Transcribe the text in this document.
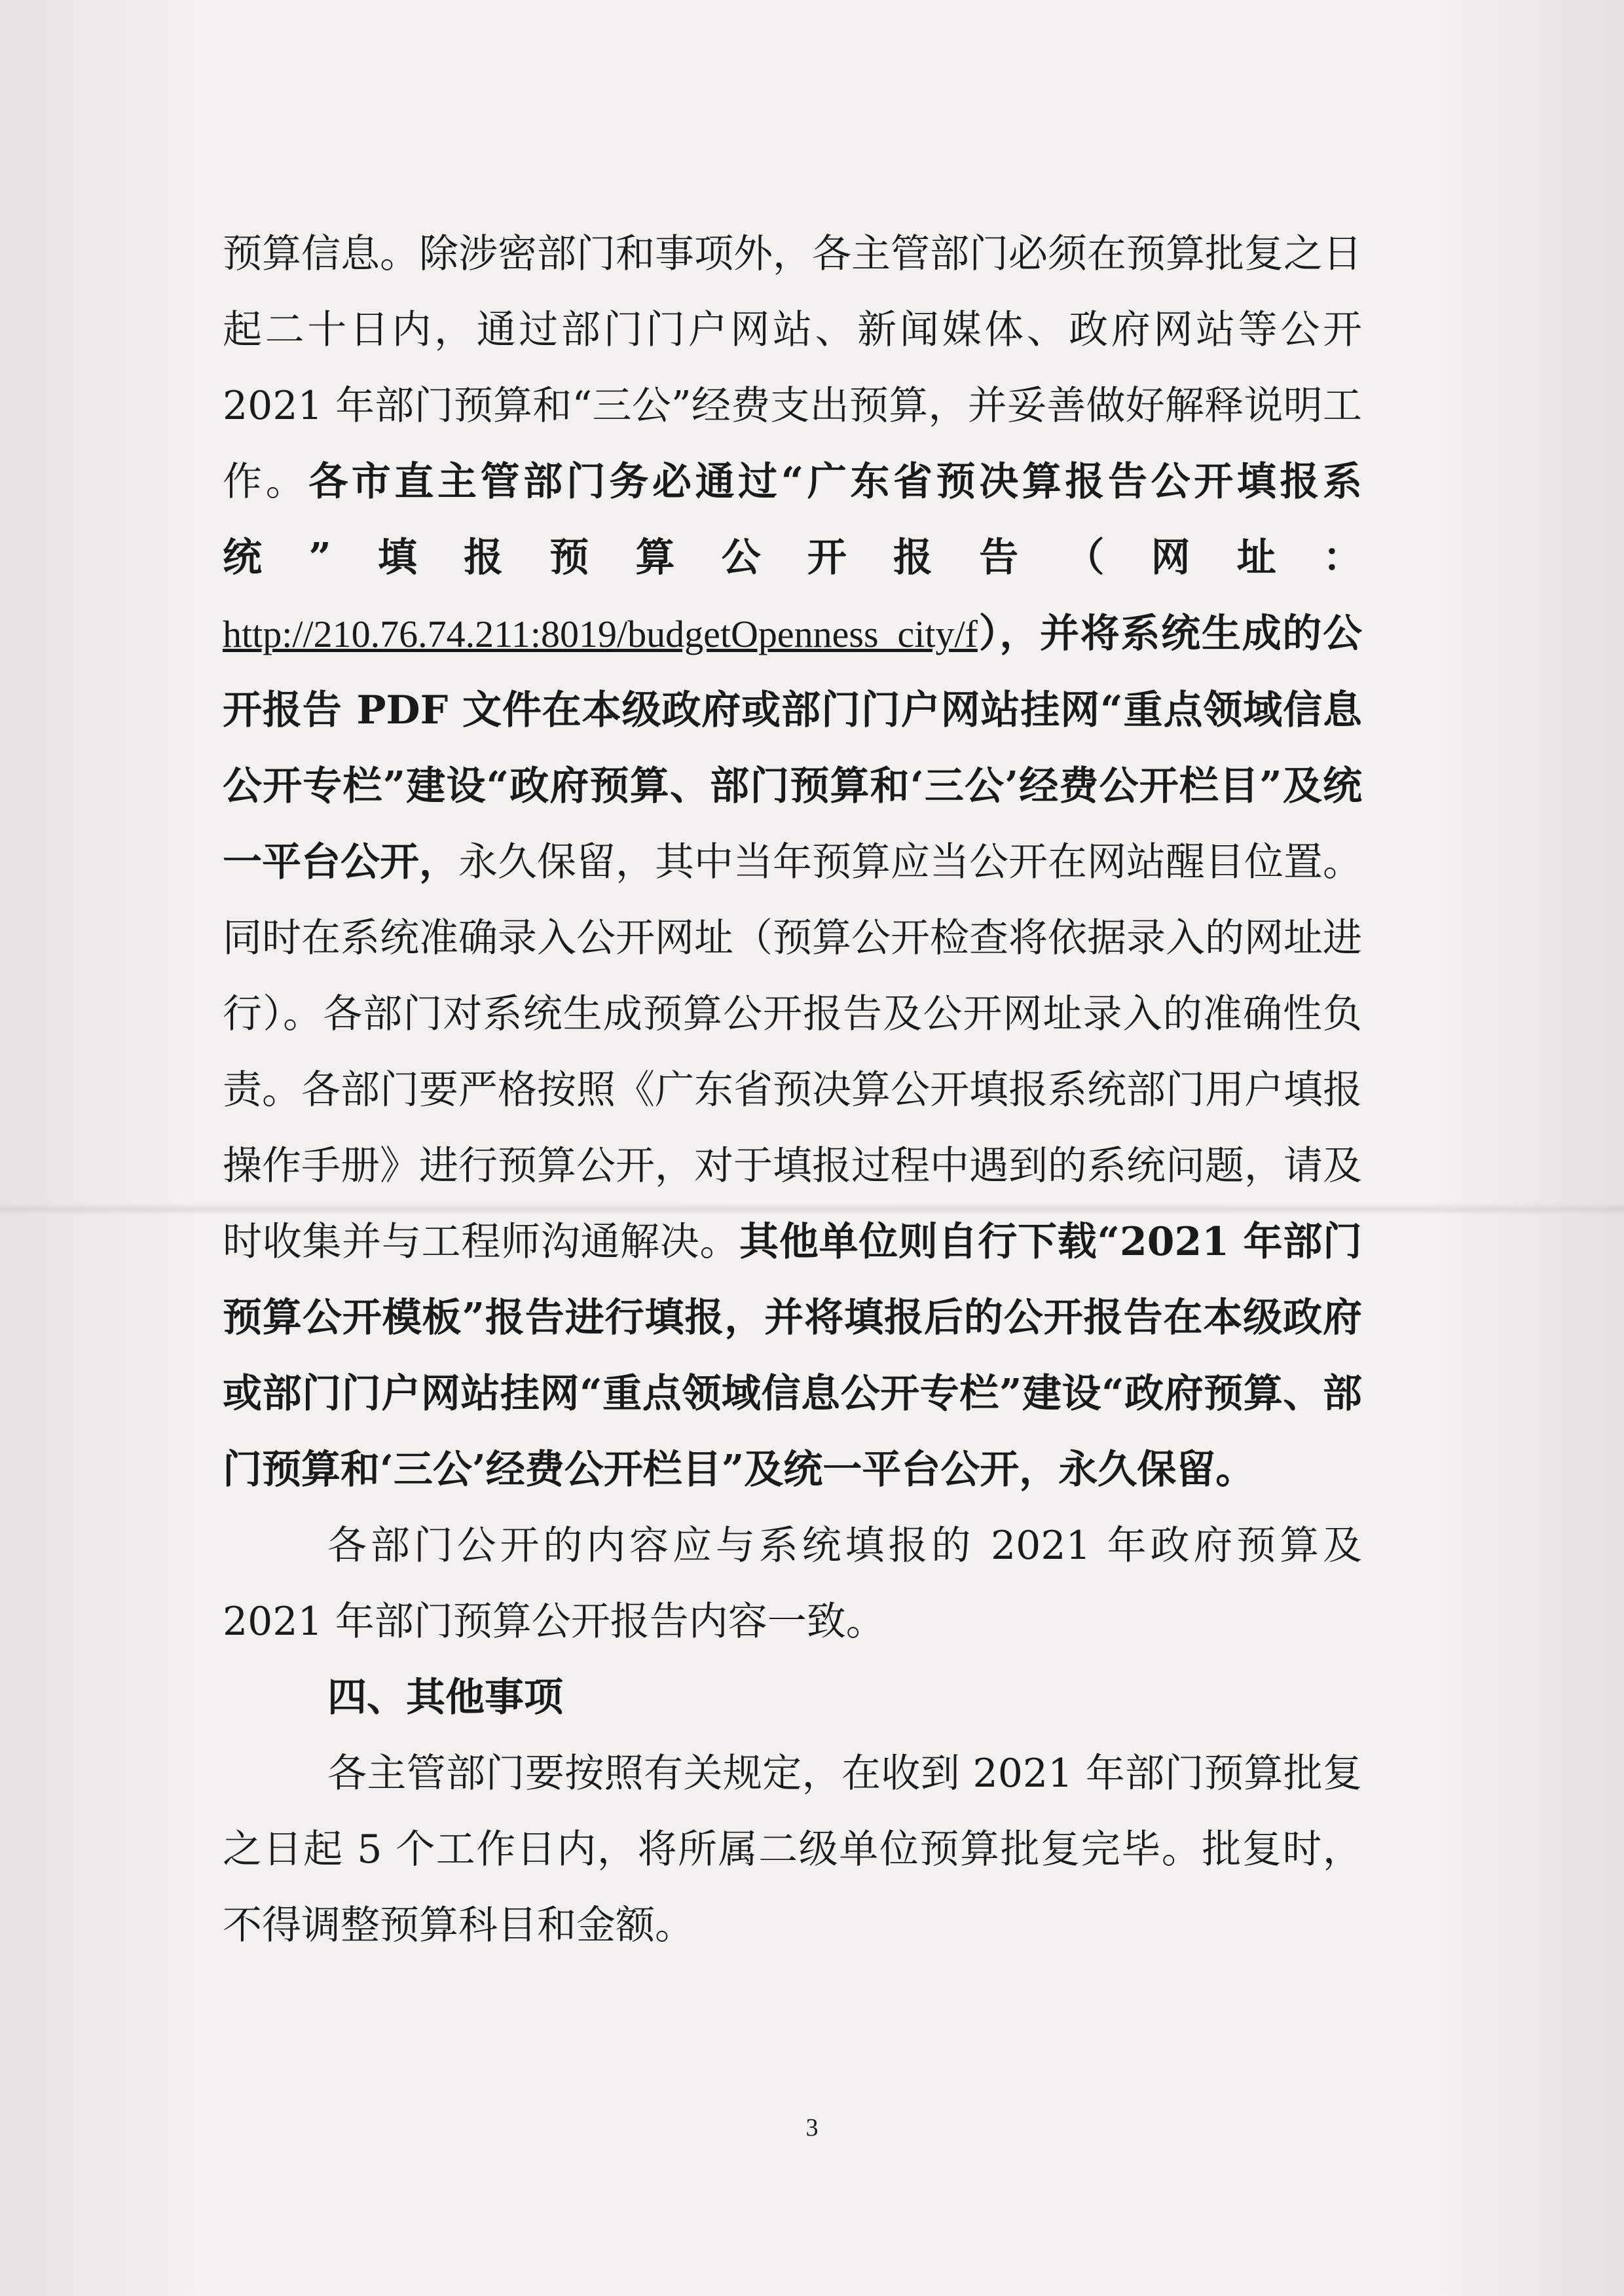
预算信息。除涉密部门和事项外，各主管部门必须在预算批复之日起二十日内，通过部门门户网站、新闻媒体、政府网站等公开 2021 年部门预算和“三公”经费支出预算，并妥善做好解释说明工作。各市直主管部门务必通过“广东省预决算报告公开填报系统”填报预算公开报告（网址：http://210.76.74.211:8019/budgetOpenness_city/f），并将系统生成的公开报告 PDF 文件在本级政府或部门门户网站挂网“重点领域信息公开专栏”建设“政府预算、部门预算和‘三公’经费公开栏目”及统一平台公开，永久保留，其中当年预算应当公开在网站醒目位置。同时在系统准确录入公开网址（预算公开检查将依据录入的网址进行）。各部门对系统生成预算公开报告及公开网址录入的准确性负责。各部门要严格按照《广东省预决算公开填报系统部门用户填报操作手册》进行预算公开，对于填报过程中遇到的系统问题，请及时收集并与工程师沟通解决。其他单位则自行下载“2021 年部门预算公开模板”报告进行填报，并将填报后的公开报告在本级政府或部门门户网站挂网“重点领域信息公开专栏”建设“政府预算、部门预算和‘三公’经费公开栏目”及统一平台公开，永久保留。

各部门公开的内容应与系统填报的 2021 年政府预算及 2021 年部门预算公开报告内容一致。

四、其他事项

各主管部门要按照有关规定，在收到 2021 年部门预算批复之日起 5 个工作日内，将所属二级单位预算批复完毕。批复时，不得调整预算科目和金额。

3
